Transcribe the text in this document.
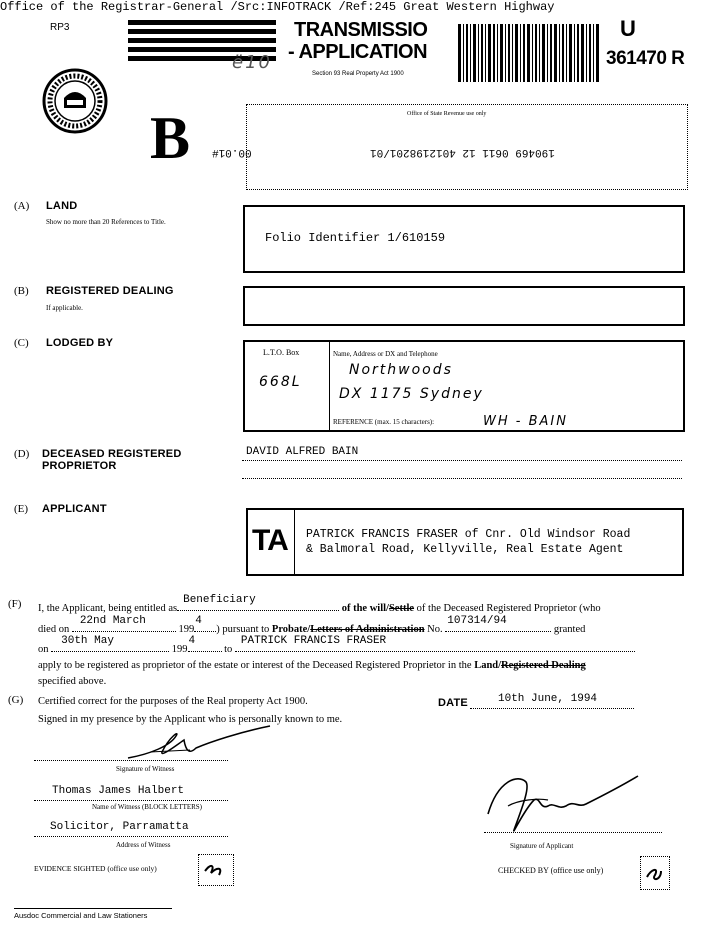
Office of the Registrar-General /Src:INFOTRACK /Ref:245 Great Western Highway
RP3	TRANSMISSIO
- APPLICATION
Section 93 Real Property Act 1900
ë10
U
361470 R
B	Office of State Revenue use only
00.01#	190469 0611 12 4012198201/01
(A) LAND
Show no more than 20 References to Title.
Folio Identifier 1/610159
(B) REGISTERED DEALING
If applicable.
(C) LODGED BY
L.T.O. Box
668L
Name, Address or DX and Telephone
Northwoods
DX 1175 Sydney
REFERENCE (max. 15 characters):	WH - BAIN
(D) DECEASED REGISTERED
PROPRIETOR
DAVID ALFRED BAIN
(E) APPLICANT
TA PATRICK FRANCIS FRASER of Cnr. Old Windsor Road
& Balmoral Road, Kellyville, Real Estate Agent
(F) I, the Applicant, being entitled as
Beneficiary
of the will/Settle of the Deceased Registered Proprietor (who
died on
22nd March
199
4
) pursuant to Probate/Letters of Administration No.
107314/94
granted
on
30th May
199
4
to
PATRICK FRANCIS FRASER
apply to be registered as proprietor of the estate or interest of the Deceased Registered Proprietor in the Land/Registered Dealing
specified above.
(G) Certified correct for the purposes of the Real property Act 1900.	DATE	10th June, 1994
Signed in my presence by the Applicant who is personally known to me.
Signature of Witness
Thomas James Halbert
Name of Witness (BLOCK LETTERS)
Solicitor, Parramatta
Address of Witness	Signature of Applicant
EVIDENCE SIGHTED (office use only)	CHECKED BY (office use only)
Ausdoc Commercial and Law Stationers
